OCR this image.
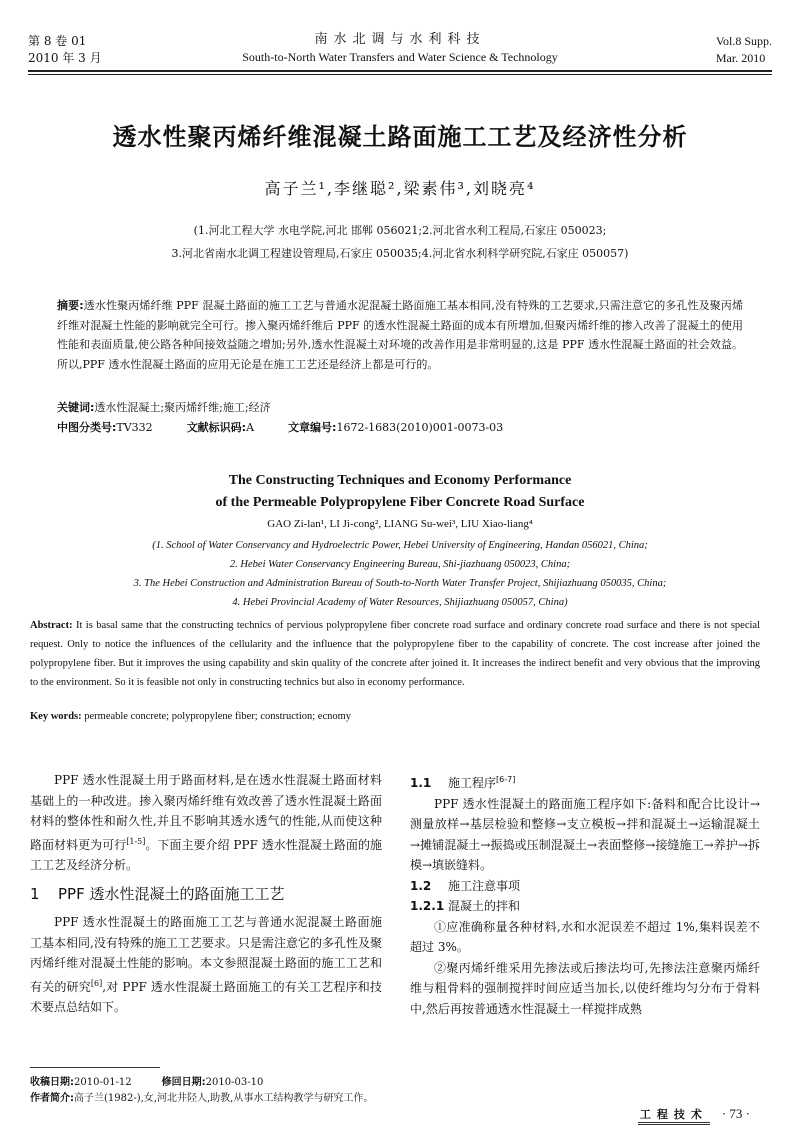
第 8 卷 01
2010 年 3 月
南水北调与水利科技
South-to-North Water Transfers and Water Science & Technology
Vol.8 Supp.
Mar. 2010
透水性聚丙烯纤维混凝土路面施工工艺及经济性分析
高子兰¹,李继聪²,梁素伟³,刘晓亮⁴
(1.河北工程大学 水电学院,河北 邯郸 056021;2.河北省水利工程局,石家庄 050023;
3.河北省南水北调工程建设管理局,石家庄 050035;4.河北省水利科学研究院,石家庄 050057)
摘要:透水性聚丙烯纤维 PPF 混凝土路面的施工工艺与普通水泥混凝土路面施工基本相同,没有特殊的工艺要求,只需注意它的多孔性及聚丙烯纤维对混凝土性能的影响就完全可行。掺入聚丙烯纤维后 PPF 的透水性混凝土路面的成本有所增加,但聚丙烯纤维的掺入改善了混凝土的使用性能和表面质量,使公路各种间接效益随之增加;另外,透水性混凝土对环境的改善作用是非常明显的,这是 PPF 透水性混凝土路面的社会效益。所以,PPF 透水性混凝土路面的应用无论是在施工工艺还是经济上都是可行的。
关键词:透水性混凝土;聚丙烯纤维;施工;经济
中图分类号:TV332	文献标识码:A	文章编号:1672-1683(2010)001-0073-03
The Constructing Techniques and Economy Performance
of the Permeable Polypropylene Fiber Concrete Road Surface
GAO Zi-lan¹, LI Ji-cong², LIANG Su-wei³, LIU Xiao-liang⁴
(1. School of Water Conservancy and Hydroelectric Power, Hebei University of Engineering, Handan 056021, China;
2. Hebei Water Conservancy Engineering Bureau, Shi-jiazhuang 050023, China;
3. The Hebei Construction and Administration Bureau of South-to-North Water Transfer Project, Shijiazhuang 050035, China;
4. Hebei Provincial Academy of Water Resources, Shijiazhuang 050057, China)
Abstract: It is basal same that the constructing technics of pervious polypropylene fiber concrete road surface and ordinary concrete road surface and there is not special request. Only to notice the influences of the cellularity and the influence that the polypropylene fiber to the capability of concrete. The cost increase after joined the polypropylene fiber. But it improves the using capability and skin quality of the concrete after joined it. It increases the indirect benefit and very obvious that the improving to the environment. So it is feasible not only in constructing technics but also in economy performance.
Key words: permeable concrete; polypropylene fiber; construction; ecnomy

PPF 透水性混凝土用于路面材料,是在透水性混凝土路面材料基础上的一种改进。掺入聚丙烯纤维有效改善了透水性混凝土路面材料的整体性和耐久性,并且不影响其透水透气的性能,从而使这种路面材料更为可行[1-5]。下面主要介绍 PPF 透水性混凝土路面的施工工艺及经济分析。

1 PPF 透水性混凝土的路面施工工艺

PPF 透水性混凝土的路面施工工艺与普通水泥混凝土路面施工基本相同,没有特殊的施工工艺要求。只是需注意它的多孔性及聚丙烯纤维对混凝土性能的影响。本文参照混凝土路面的施工工艺和有关的研究[6],对 PPF 透水性混凝土路面施工的有关工艺程序和技术要点总结如下。

1.1 施工程序[6-7]

PPF 透水性混凝土的路面施工程序如下:备料和配合比设计→测量放样→基层检验和整修→支立模板→拌和混凝土→运输混凝土→摊铺混凝土→振捣或压制混凝土→表面整修→接缝施工→养护→拆模→填嵌缝料。

1.2 施工注意事项
1.2.1 混凝土的拌和

①应准确称量各种材料,水和水泥误差不超过 1%,集料误差不超过 3%。

②聚丙烯纤维采用先掺法或后掺法均可,先掺法注意聚丙烯纤维与粗骨料的强制搅拌时间应适当加长,以使纤维均匀分布于骨料中,然后再按普通透水性混凝土一样搅拌成熟

收稿日期:2010-01-12	修回日期:2010-03-10
作者简介:高子兰(1982-),女,河北井陉人,助教,从事水工结构教学与研究工作。
工程技术 · 73 ·
